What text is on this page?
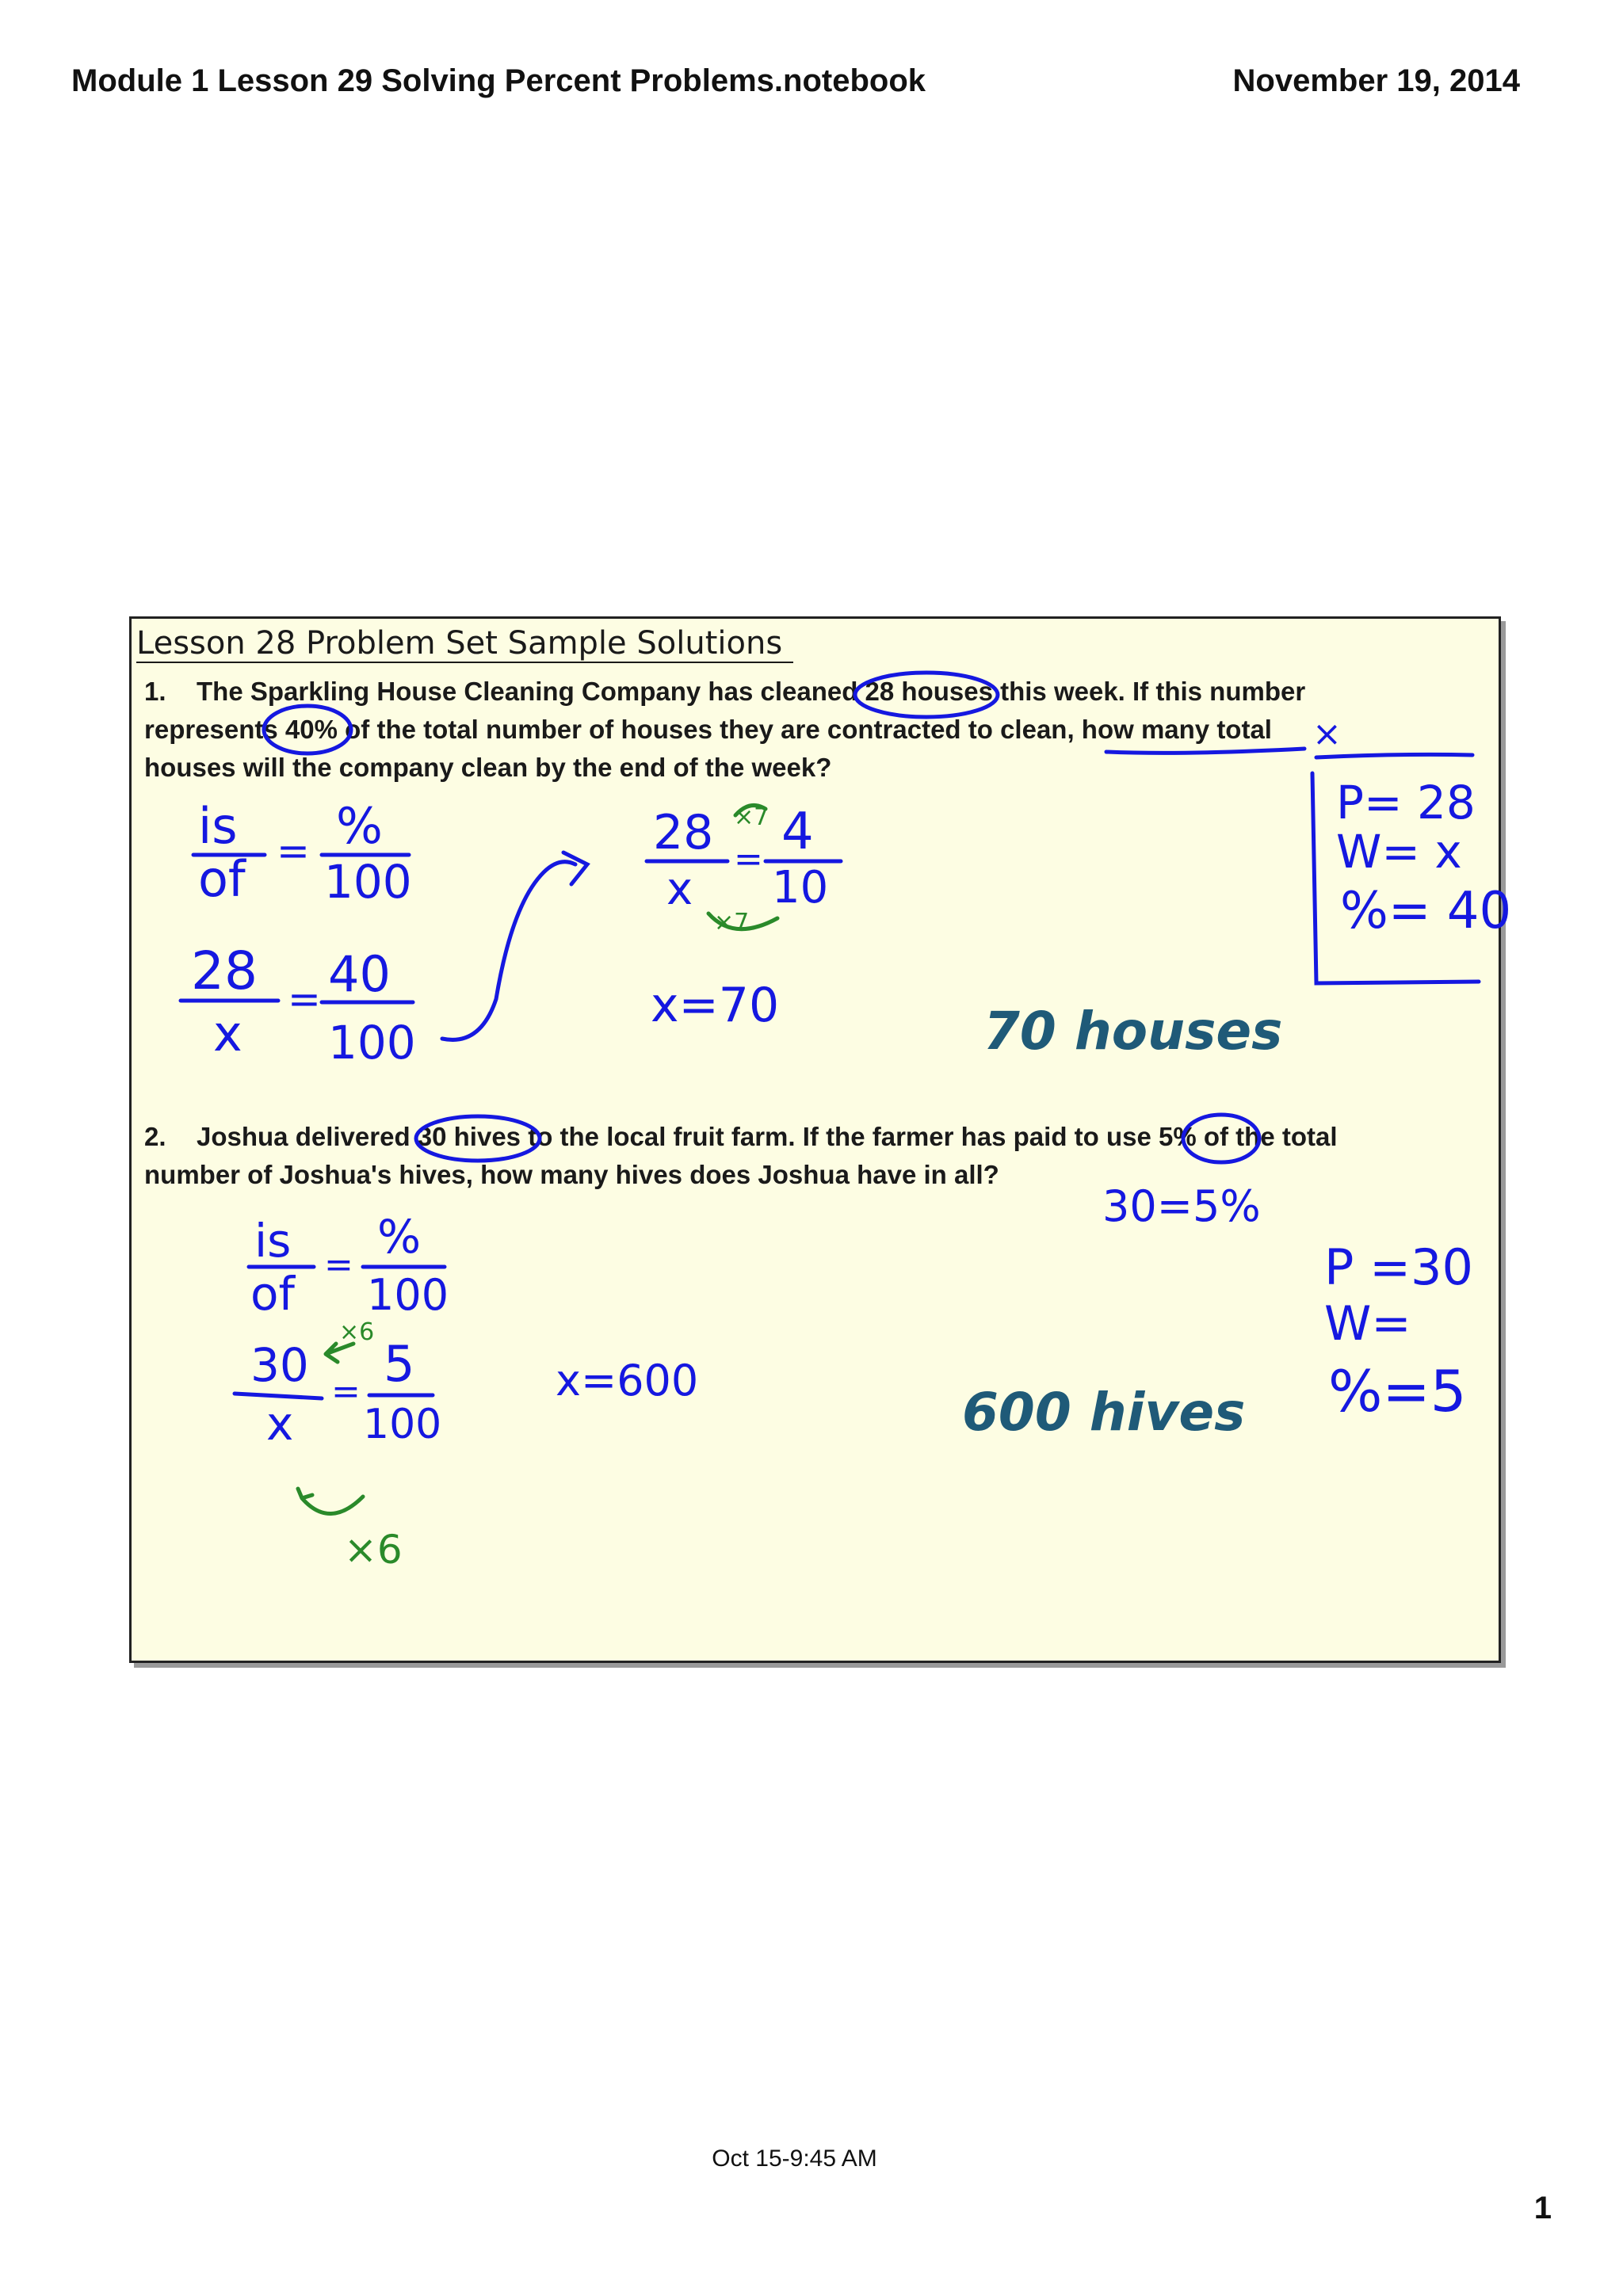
Module 1 Lesson 29 Solving Percent Problems.notebook	November 19, 2014
Lesson 28 Problem Set Sample Solutions
1. The Sparkling House Cleaning Company has cleaned 28 houses this week. If this number represents 40% of the total number of houses they are contracted to clean, how many total houses will the company clean by the end of the week?
2. Joshua delivered 30 hives to the local fruit farm. If the farmer has paid to use 5% of the total number of Joshua's hives, how many hives does Joshua have in all?
70 houses
600 hives
×
is
of = %
100
28
x
= 40
100
28
x
= 4
10
×7
×7
x=70
P= 28
W= x
%= 40
30=5%
is
of
=
%
100
30
x
= 5
100
×6
×6
x=600
P =30
W=
%=5
Oct 15-9:45 AM
1
